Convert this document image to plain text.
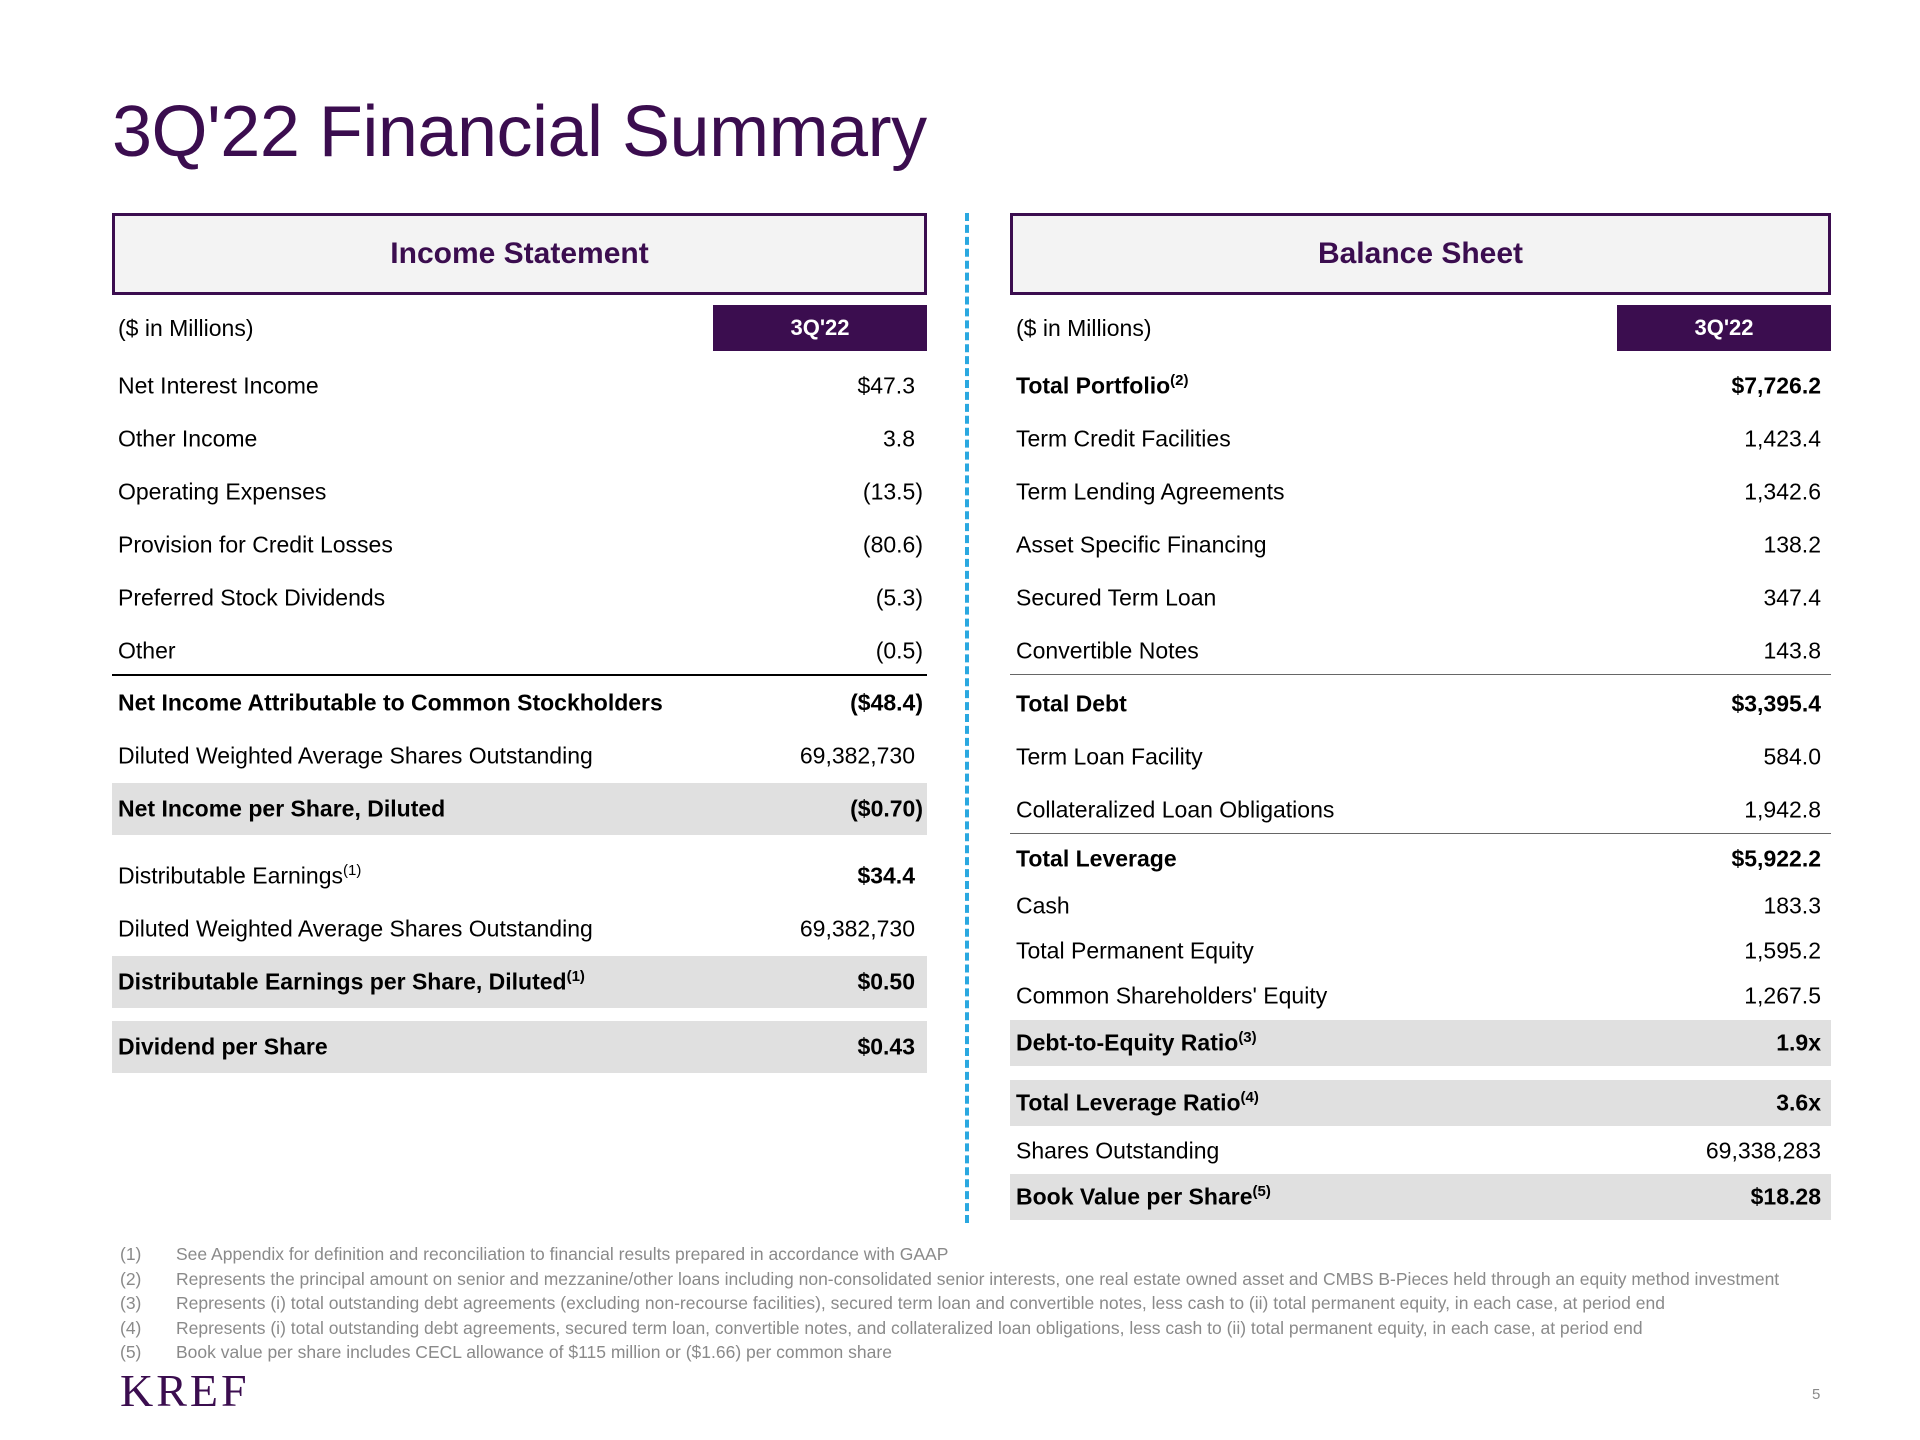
3Q'22 Financial Summary
Income Statement
($ in Millions)	3Q'22
Net Interest Income	$47.3
Other Income	3.8
Operating Expenses	(13.5)
Provision for Credit Losses	(80.6)
Preferred Stock Dividends	(5.3)
Other	(0.5)
Net Income Attributable to Common Stockholders	($48.4)
Diluted Weighted Average Shares Outstanding	69,382,730
Net Income per Share, Diluted	($0.70)
Distributable Earnings$^{(1)}$	$34.4
Diluted Weighted Average Shares Outstanding	69,382,730
Distributable Earnings per Share, Diluted$^{(1)}$	$0.50
Dividend per Share	$0.43
Balance Sheet
($ in Millions)	3Q'22
Total Portfolio$^{(2)}$	$7,726.2
Term Credit Facilities	1,423.4
Term Lending Agreements	1,342.6
Asset Specific Financing	138.2
Secured Term Loan	347.4
Convertible Notes	143.8
Total Debt	$3,395.4
Term Loan Facility	584.0
Collateralized Loan Obligations	1,942.8
Total Leverage	$5,922.2
Cash	183.3
Total Permanent Equity	1,595.2
Common Shareholders' Equity	1,267.5
Debt-to-Equity Ratio$^{(3)}$	1.9x
Total Leverage Ratio$^{(4)}$	3.6x
Shares Outstanding	69,338,283
Book Value per Share$^{(5)}$	$18.28
(1)	See Appendix for definition and reconciliation to financial results prepared in accordance with GAAP
(2)	Represents the principal amount on senior and mezzanine/other loans including non-consolidated senior interests, one real estate owned asset and CMBS B-Pieces held through an equity method investment
(3)	Represents (i) total outstanding debt agreements (excluding non-recourse facilities), secured term loan and convertible notes, less cash to (ii) total permanent equity, in each case, at period end
(4)	Represents (i) total outstanding debt agreements, secured term loan, convertible notes, and collateralized loan obligations, less cash to (ii) total permanent equity, in each case, at period end
(5)	Book value per share includes CECL allowance of $115 million or ($1.66) per common share
KREF	5
